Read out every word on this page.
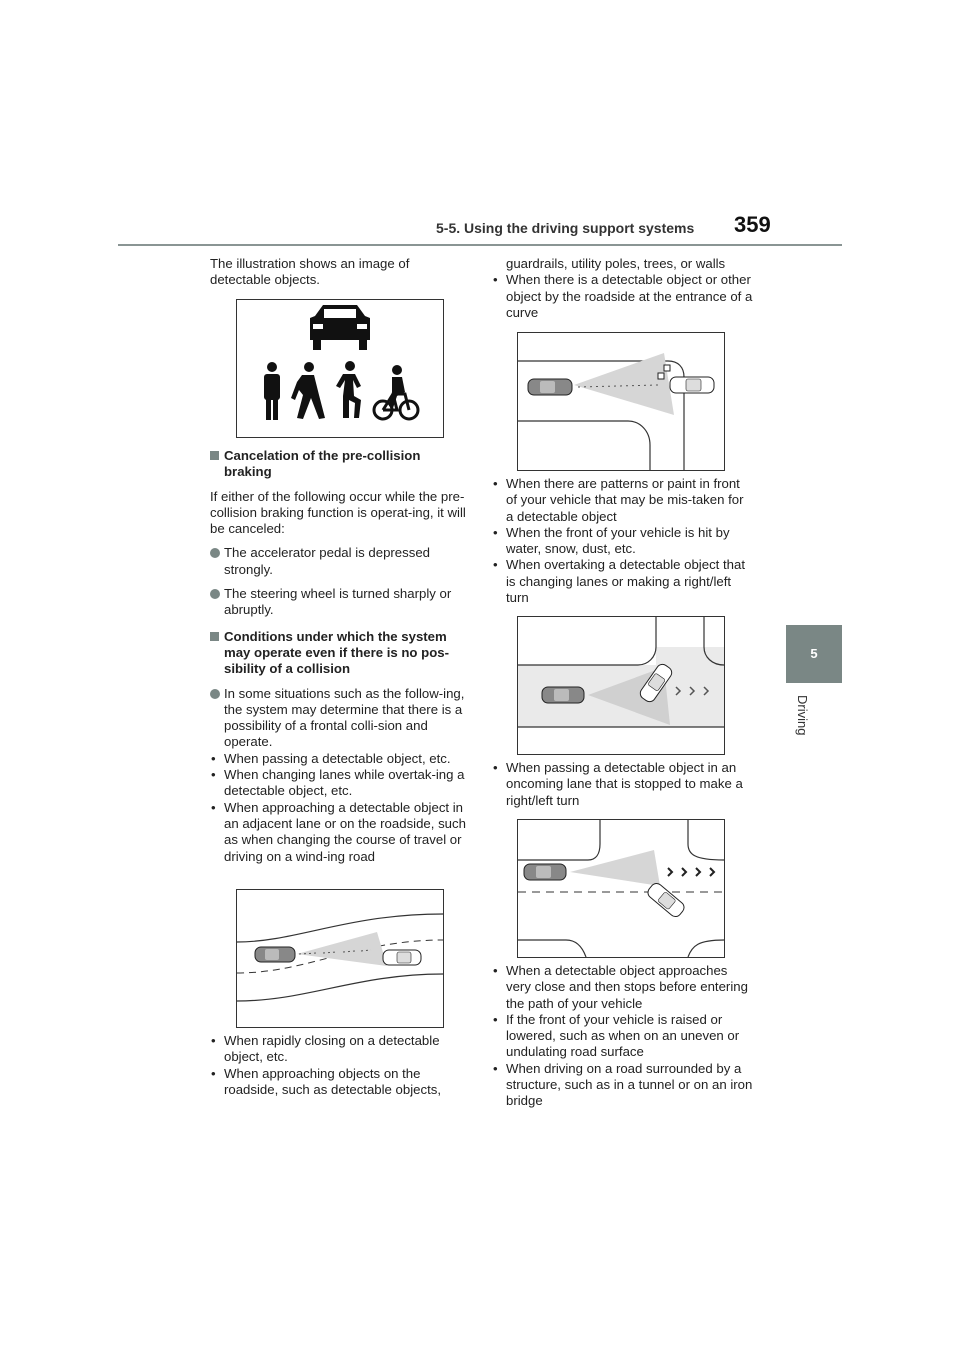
5-5. Using the driving support systems 359
5
Driving

The illustration shows an image of detectable objects.

Cancelation of the pre-collision braking

If either of the following occur while the pre-collision braking function is operat-ing, it will be canceled:

The accelerator pedal is depressed strongly.

The steering wheel is turned sharply or abruptly.

Conditions under which the system may operate even if there is no pos-sibility of a collision

In some situations such as the follow-ing, the system may determine that there is a possibility of a frontal colli-sion and operate.

• When passing a detectable object, etc.

• When changing lanes while overtak-ing a detectable object, etc.

• When approaching a detectable object in an adjacent lane or on the roadside, such as when changing the course of travel or driving on a wind-ing road

• When rapidly closing on a detectable object, etc.

• When approaching objects on the roadside, such as detectable objects,

guardrails, utility poles, trees, or walls

• When there is a detectable object or other object by the roadside at the entrance of a curve

• When there are patterns or paint in front of your vehicle that may be mis-taken for a detectable object

• When the front of your vehicle is hit by water, snow, dust, etc.

• When overtaking a detectable object that is changing lanes or making a right/left turn

• When passing a detectable object in an oncoming lane that is stopped to make a right/left turn

• When a detectable object approaches very close and then stops before entering the path of your vehicle

• If the front of your vehicle is raised or lowered, such as when on an uneven or undulating road surface

• When driving on a road surrounded by a structure, such as in a tunnel or on an iron bridge
